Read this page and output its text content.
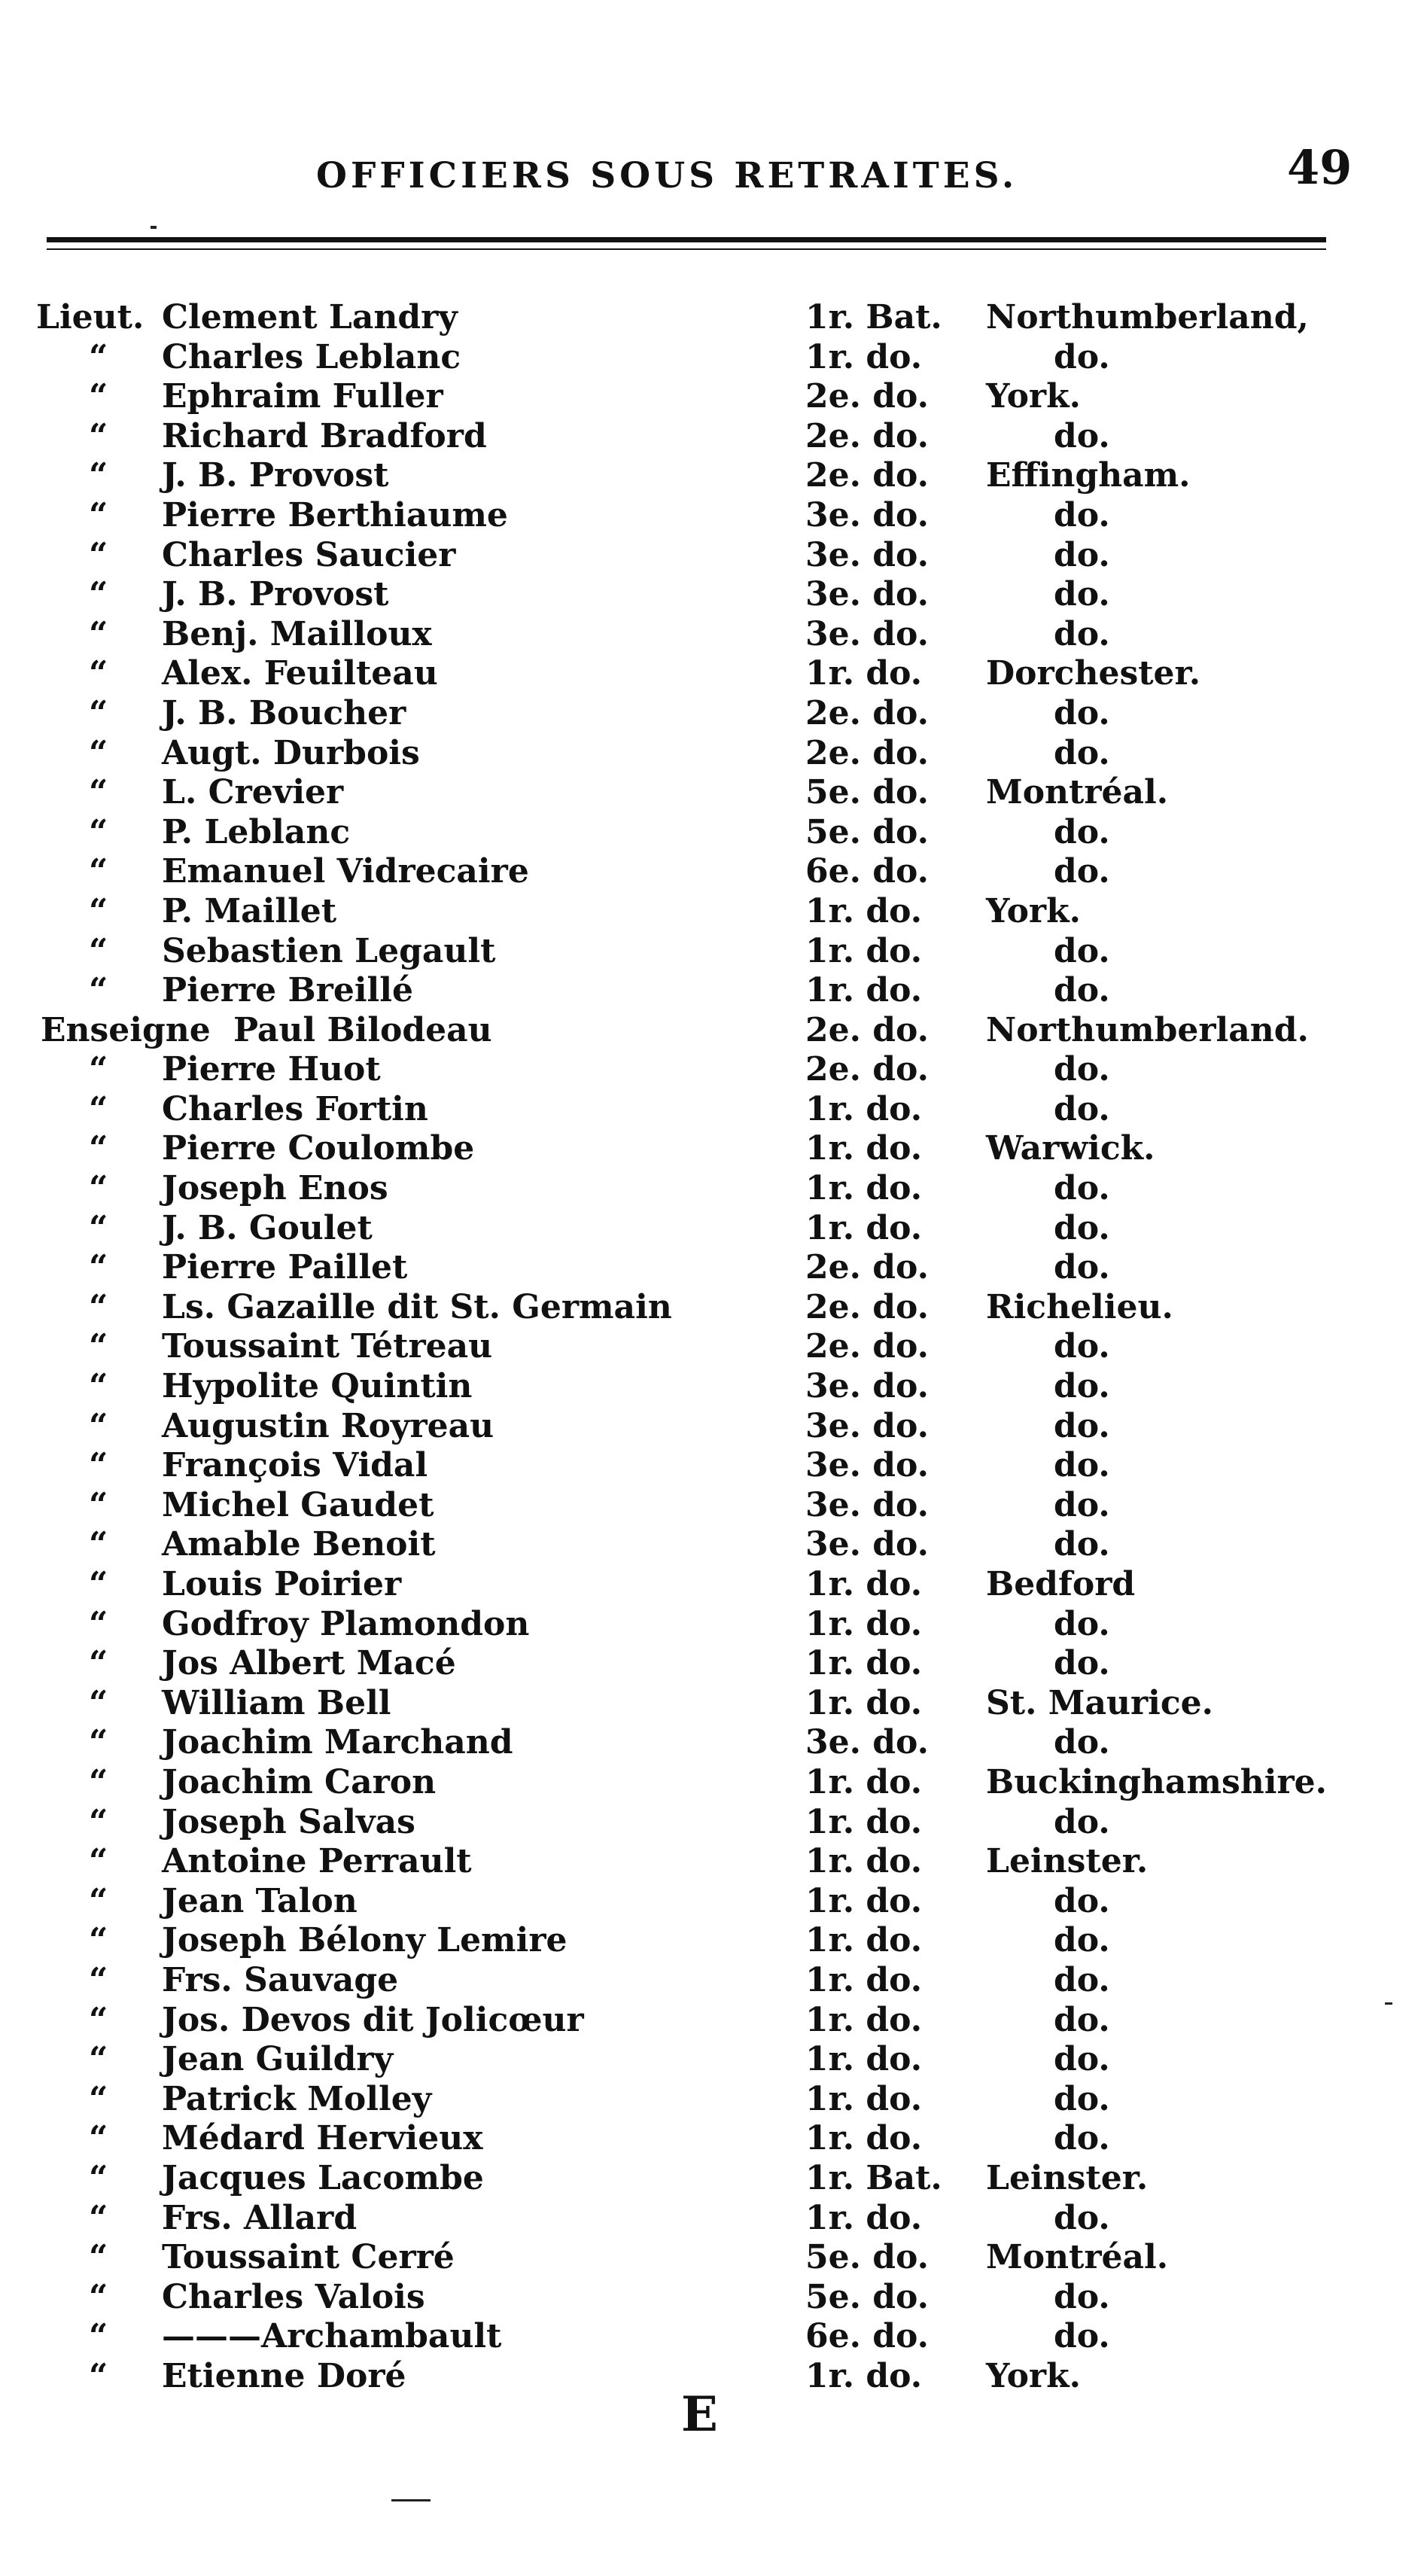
OFFICIERS SOUS RETRAITES.	49
Lieut. Clement Landry	1r. Bat. Northumberland,
“ Charles Leblanc	1r. do.	do.
“ Ephraim Fuller	2e. do. York.
“ Richard Bradford	2e. do.	do.
“ J. B. Provost	2e. do. Effingham.
“ Pierre Berthiaume	3e. do.	do.
“ Charles Saucier	3e. do.	do.
“ J. B. Provost	3e. do.	do.
“ Benj. Mailloux	3e. do.	do.
“ Alex. Feuilteau	1r. do. Dorchester.
“ J. B. Boucher	2e. do.	do.
“ Augt. Durbois	2e. do.	do.
“ L. Crevier	5e. do. Montréal.
“ P. Leblanc	5e. do.	do.
“ Emanuel Vidrecaire	6e. do.	do.
“ P. Maillet	1r. do. York.
“ Sebastien Legault	1r. do.	do.
“ Pierre Breillé	1r. do.	do.
Enseigne Paul Bilodeau	2e. do. Northumberland.
“ Pierre Huot	2e. do.	do.
“ Charles Fortin	1r. do.	do.
“ Pierre Coulombe	1r. do. Warwick.
“ Joseph Enos	1r. do.	do.
“ J. B. Goulet	1r. do.	do.
“ Pierre Paillet	2e. do.	do.
“ Ls. Gazaille dit St. Germain	2e. do. Richelieu.
“ Toussaint Tétreau	2e. do.	do.
“ Hypolite Quintin	3e. do.	do.
“ Augustin Royreau	3e. do.	do.
“ François Vidal	3e. do.	do.
“ Michel Gaudet	3e. do.	do.
“ Amable Benoit	3e. do.	do.
“ Louis Poirier	1r. do. Bedford
“ Godfroy Plamondon	1r. do.	do.
“ Jos Albert Macé	1r. do.	do.
“ William Bell	1r. do. St. Maurice.
“ Joachim Marchand	3e. do.	do.
“ Joachim Caron	1r. do. Buckinghamshire.
“ Joseph Salvas	1r. do.	do.
“ Antoine Perrault	1r. do. Leinster.
“ Jean Talon	1r. do.	do.
“ Joseph Bélony Lemire	1r. do.	do.
“ Frs. Sauvage	1r. do.	do.
“ Jos. Devos dit Jolicœur	1r. do.	do.
“ Jean Guildry	1r. do.	do.
“ Patrick Molley	1r. do.	do.
“ Médard Hervieux	1r. do.	do.
“ Jacques Lacombe	1r. Bat. Leinster.
“ Frs. Allard	1r. do.	do.
“ Toussaint Cerré	5e. do. Montréal.
“ Charles Valois	5e. do.	do.
“ ———Archambault	6e. do.	do.
“ Etienne Doré	1r. do. York.
E
